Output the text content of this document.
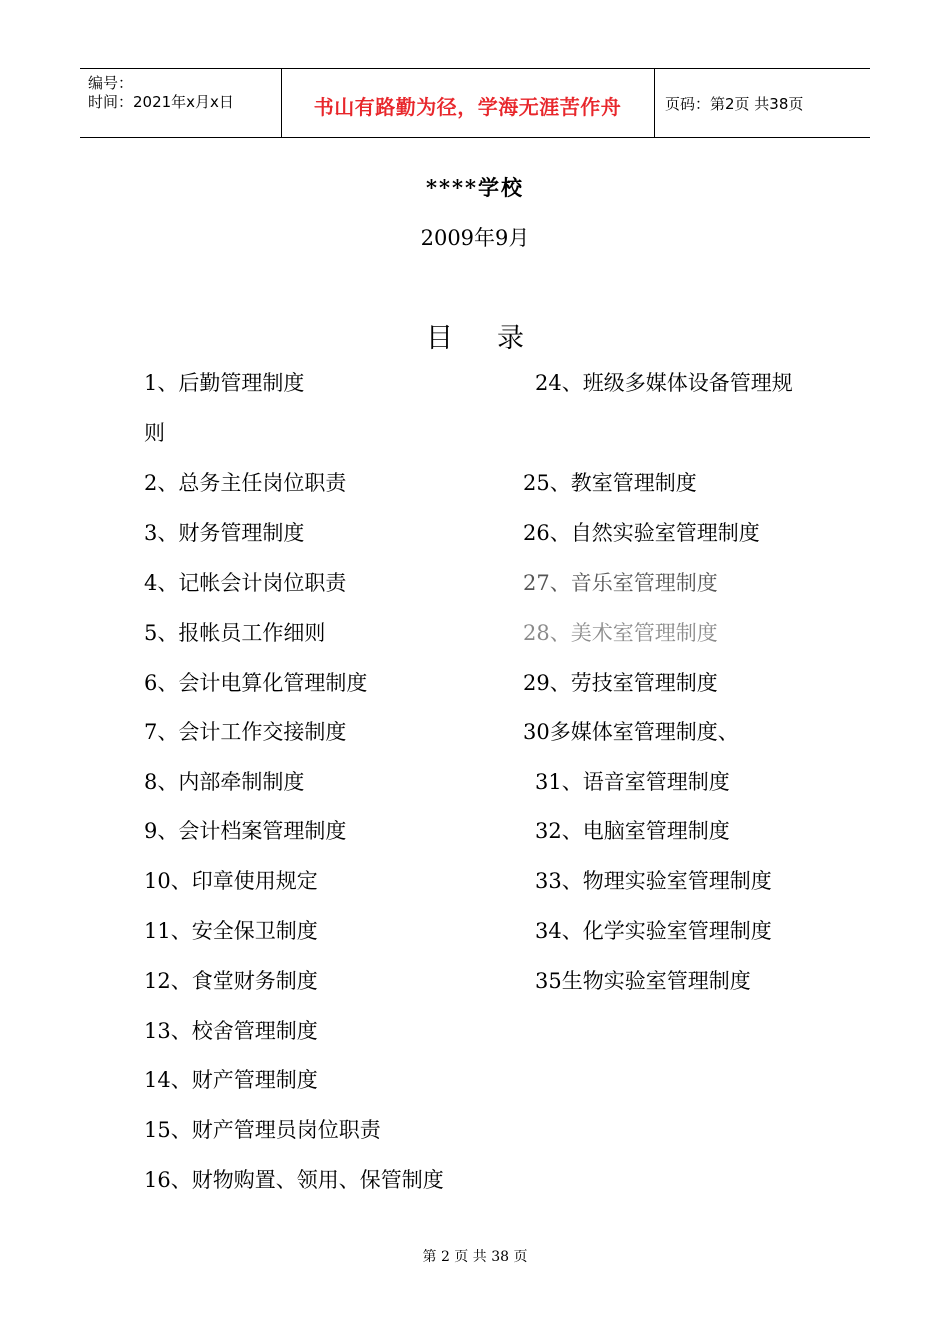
编号：
时间：2021年x月x日	书山有路勤为径，学海无涯苦作舟	页码：第2页 共38页
****学校
2009年9月
目录
1、后勤管理制度
则
2、总务主任岗位职责
3、财务管理制度
4、记帐会计岗位职责
5、报帐员工作细则
6、会计电算化管理制度
7、会计工作交接制度
8、内部牵制制度
9、会计档案管理制度
10、印章使用规定
11、安全保卫制度
12、食堂财务制度
13、校舍管理制度
14、财产管理制度
15、财产管理员岗位职责
16、财物购置、领用、保管制度
24、班级多媒体设备管理规
25、教室管理制度
26、自然实验室管理制度
27、音乐室管理制度
28、美术室管理制度
29、劳技室管理制度
30多媒体室管理制度、
31、语音室管理制度
32、电脑室管理制度
33、物理实验室管理制度
34、化学实验室管理制度
35生物实验室管理制度
第 2 页 共 38 页
